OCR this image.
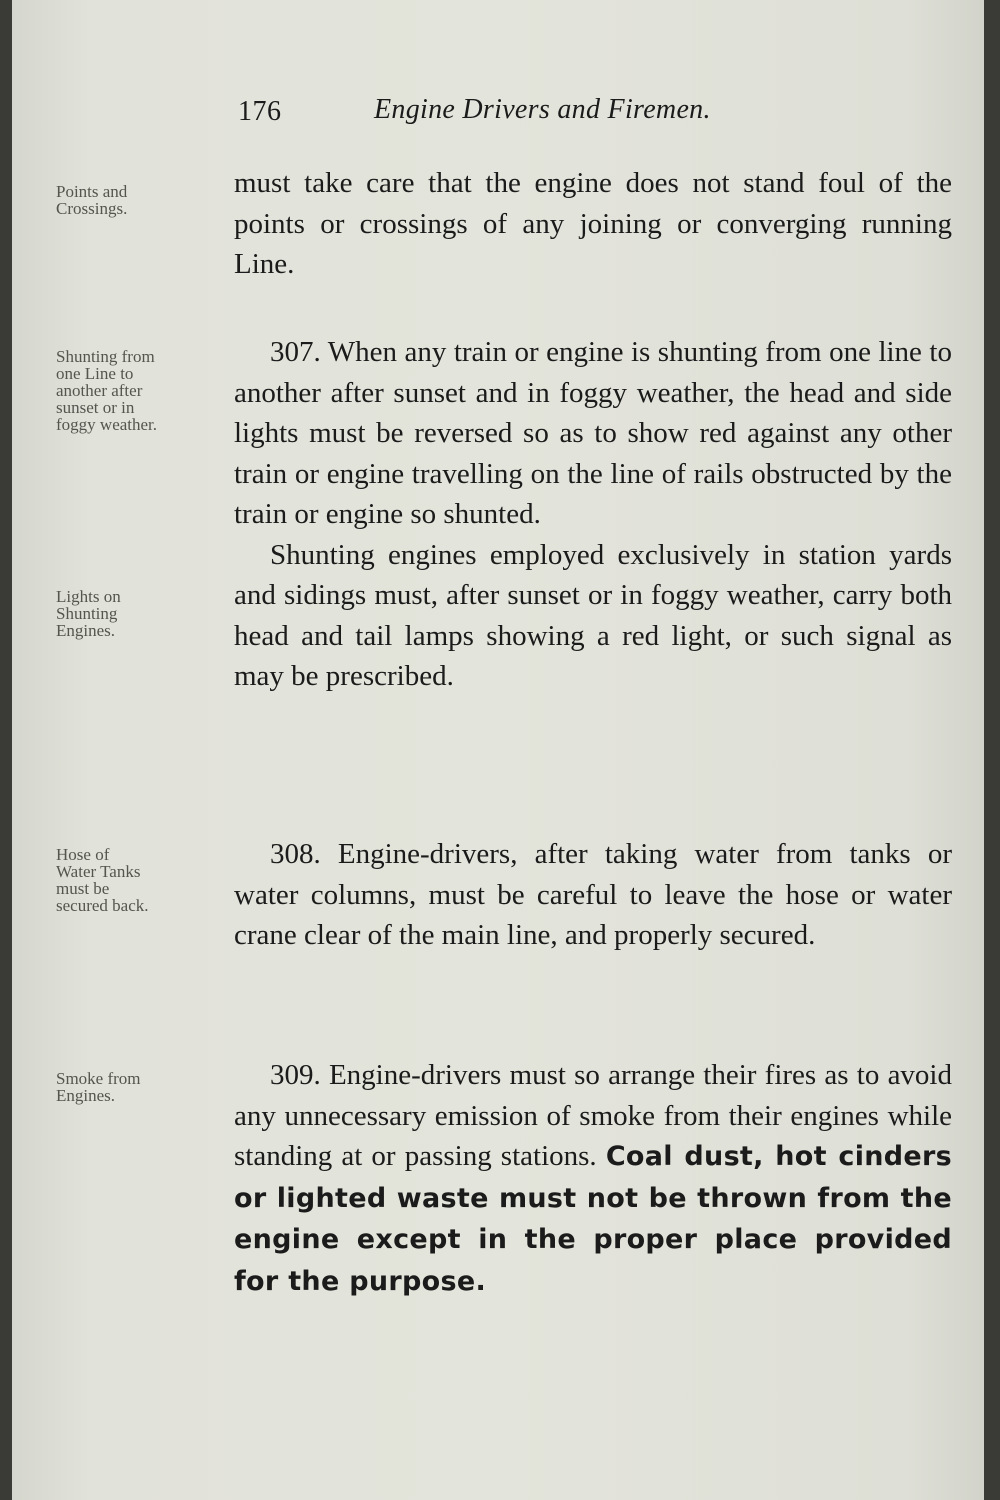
176	Engine Drivers and Firemen.
Points and
Crossings.
Shunting from
one Line to
another after
sunset or in
foggy weather.
Lights on
Shunting
Engines.
Hose of
Water Tanks
must be
secured back.
Smoke from
Engines.

must take care that the engine does not stand foul of the points or crossings of any joining or converging running Line.

307. When any train or engine is shunting from one line to another after sunset and in foggy weather, the head and side lights must be reversed so as to show red against any other train or engine travelling on the line of rails obstructed by the train or engine so shunted.

Shunting engines employed exclusively in station yards and sidings must, after sunset or in foggy weather, carry both head and tail lamps showing a red light, or such signal as may be prescribed.

308. Engine-drivers, after taking water from tanks or water columns, must be careful to leave the hose or water crane clear of the main line, and properly secured.

309. Engine-drivers must so arrange their fires as to avoid any unnecessary emission of smoke from their engines while standing at or passing stations. Coal dust, hot cinders or lighted waste must not be thrown from the engine except in the proper place provided for the purpose.
